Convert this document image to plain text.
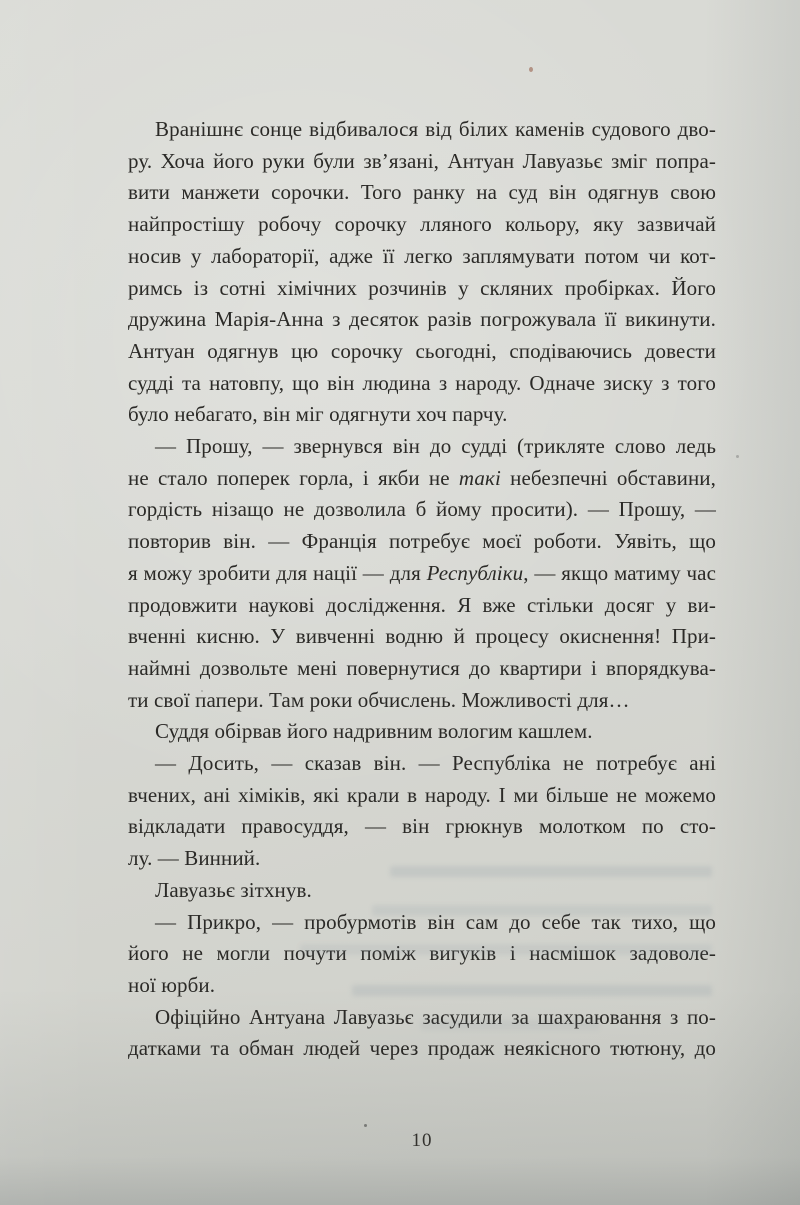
Вранішнє сонце відбивалося від білих каменів судового дво-
ру. Хоча його руки були зв’язані, Антуан Лавуазьє зміг попра-
вити манжети сорочки. Того ранку на суд він одягнув свою
найпростішу робочу сорочку лляного кольору, яку зазвичай
носив у лабораторії, адже її легко заплямувати потом чи кот-
римсь із сотні хімічних розчинів у скляних пробірках. Його
дружина Марія-Анна з десяток разів погрожувала її викинути.
Антуан одягнув цю сорочку сьогодні, сподіваючись довести
судді та натовпу, що він людина з народу. Одначе зиску з того
було небагато, він міг одягнути хоч парчу.
— Прошу, — звернувся він до судді (трикляте слово ледь
не стало поперек горла, і якби не такі небезпечні обставини,
гордість нізащо не дозволила б йому просити). — Прошу, —
повторив він. — Франція потребує моєї роботи. Уявіть, що
я можу зробити для нації — для Республіки, — якщо матиму час
продовжити наукові дослідження. Я вже стільки досяг у ви-
вченні кисню. У вивченні водню й процесу окиснення! При-
наймні дозвольте мені повернутися до квартири і впорядкува-
ти свої папери. Там роки обчислень. Можливості для…
Суддя обірвав його надривним вологим кашлем.
— Досить, — сказав він. — Республіка не потребує ані
вчених, ані хіміків, які крали в народу. І ми більше не можемо
відкладати правосуддя, — він грюкнув молотком по сто-
лу. — Винний.
Лавуазьє зітхнув.
— Прикро, — пробурмотів він сам до себе так тихо, що
його не могли почути поміж вигуків і насмішок задоволе-
ної юрби.
Офіційно Антуана Лавуазьє засудили за шахраювання з по-
датками та обман людей через продаж неякісного тютюну, до
10
